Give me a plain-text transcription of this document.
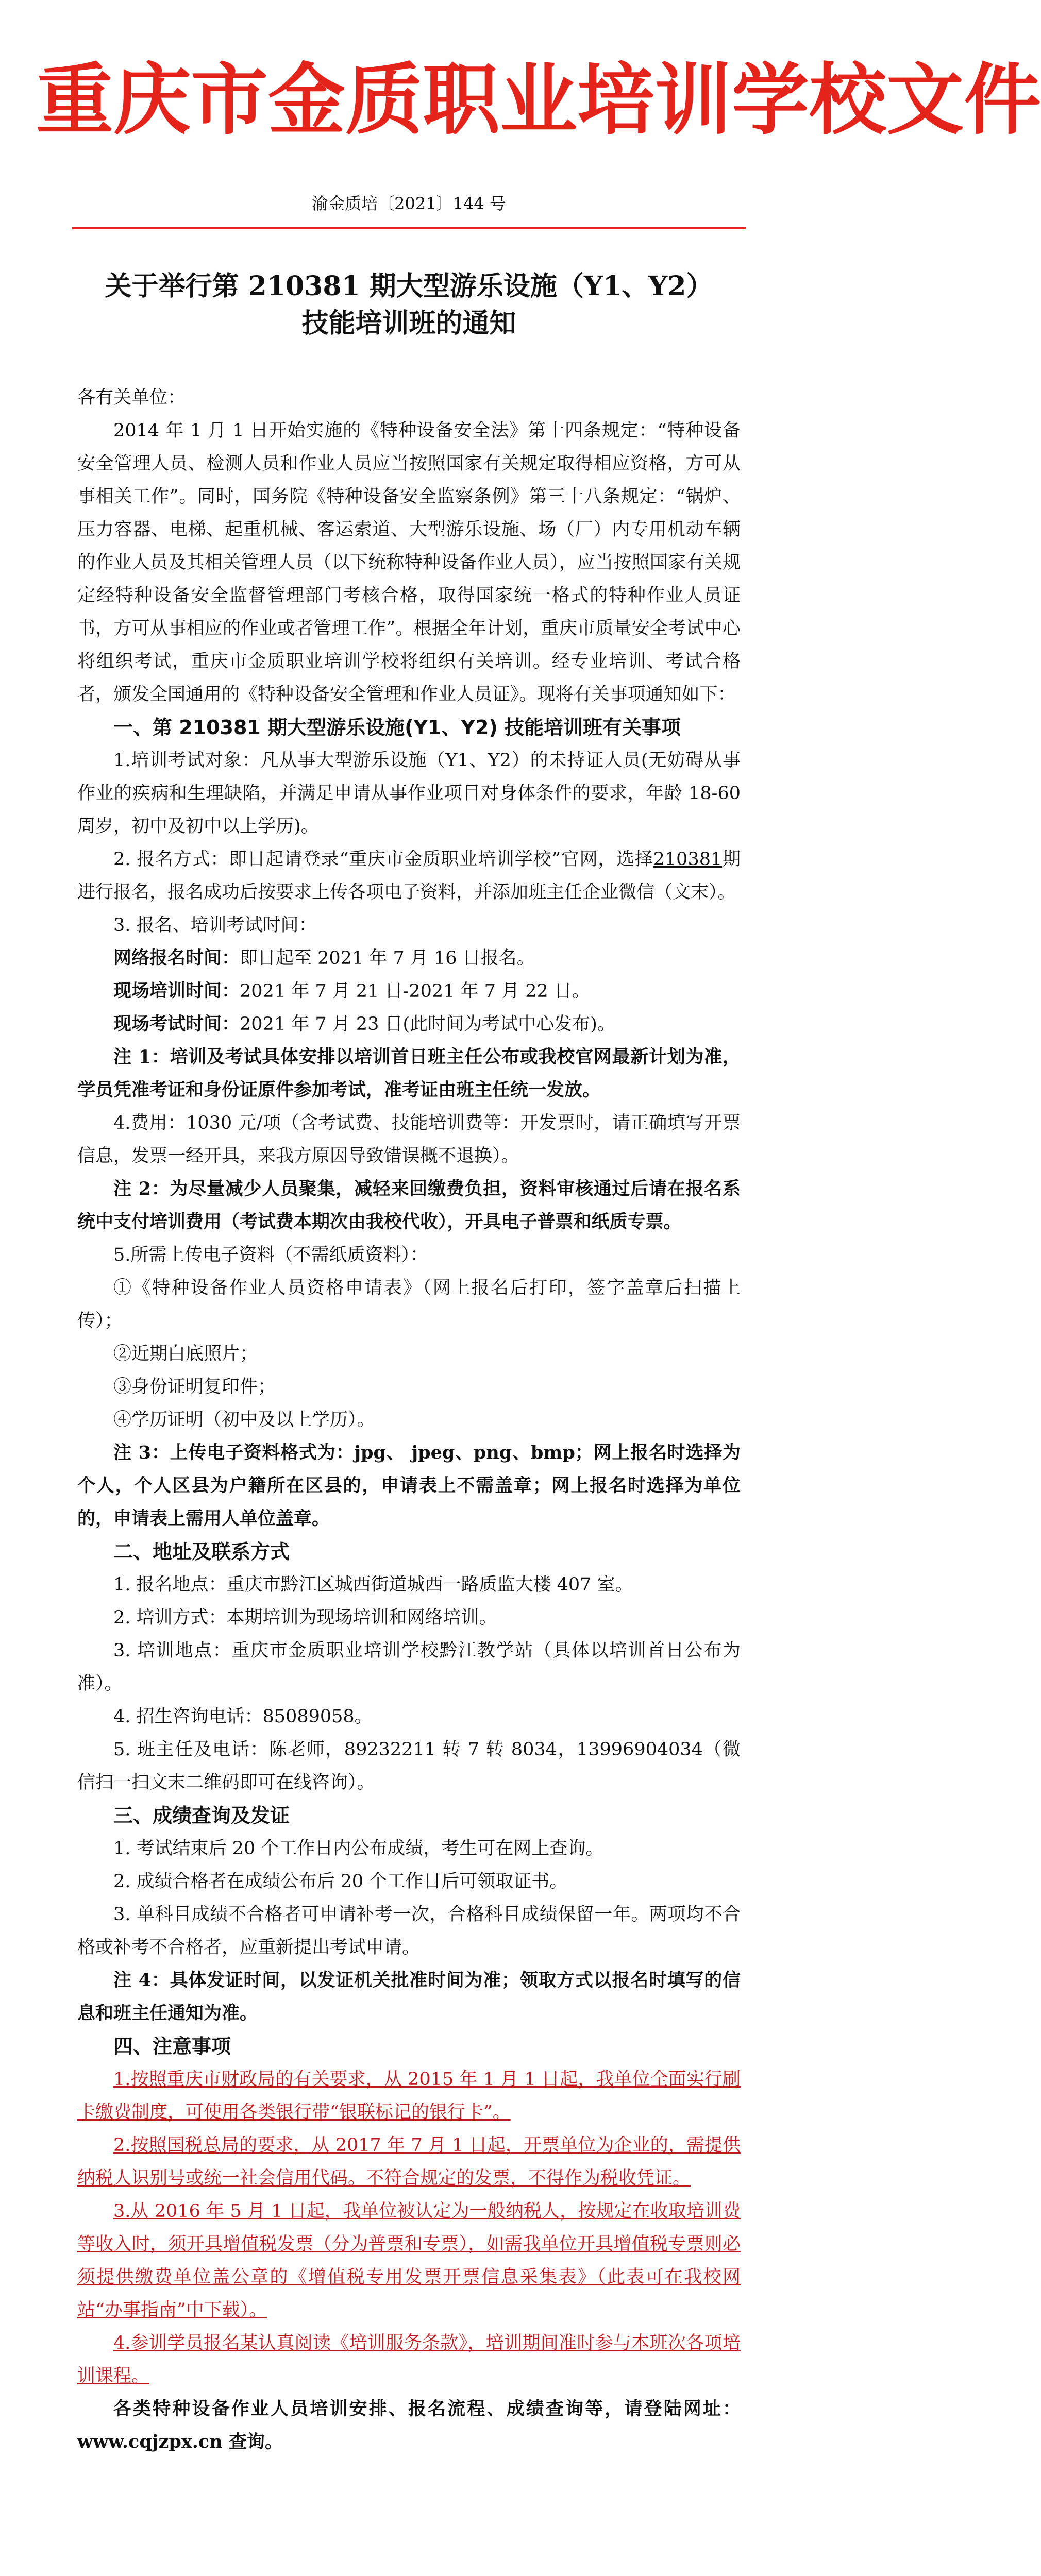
重庆市金质职业培训学校文件
渝金质培〔2021〕144 号
关于举行第 210381 期大型游乐设施（Y1、Y2）
技能培训班的通知

各有关单位：

2014 年 1 月 1 日开始实施的《特种设备安全法》第十四条规定：“特种设备安全管理人员、检测人员和作业人员应当按照国家有关规定取得相应资格，方可从事相关工作”。同时，国务院《特种设备安全监察条例》第三十八条规定：“锅炉、压力容器、电梯、起重机械、客运索道、大型游乐设施、场（厂）内专用机动车辆的作业人员及其相关管理人员（以下统称特种设备作业人员），应当按照国家有关规定经特种设备安全监督管理部门考核合格，取得国家统一格式的特种作业人员证书，方可从事相应的作业或者管理工作”。根据全年计划，重庆市质量安全考试中心将组织考试，重庆市金质职业培训学校将组织有关培训。经专业培训、考试合格者，颁发全国通用的《特种设备安全管理和作业人员证》。现将有关事项通知如下：

一、第 210381 期大型游乐设施(Y1、Y2) 技能培训班有关事项

1.培训考试对象：凡从事大型游乐设施（Y1、Y2）的未持证人员(无妨碍从事作业的疾病和生理缺陷，并满足申请从事作业项目对身体条件的要求，年龄 18-60 周岁，初中及初中以上学历)。

2. 报名方式：即日起请登录“重庆市金质职业培训学校”官网，选择210381期进行报名，报名成功后按要求上传各项电子资料，并添加班主任企业微信（文末）。

3. 报名、培训考试时间：

网络报名时间：即日起至 2021 年 7 月 16 日报名。

现场培训时间：2021 年 7 月 21 日-2021 年 7 月 22 日。

现场考试时间：2021 年 7 月 23 日(此时间为考试中心发布)。

注 1：培训及考试具体安排以培训首日班主任公布或我校官网最新计划为准，学员凭准考证和身份证原件参加考试，准考证由班主任统一发放。

4.费用：1030 元/项（含考试费、技能培训费等：开发票时，请正确填写开票信息，发票一经开具，来我方原因导致错误概不退换）。

注 2：为尽量减少人员聚集，减轻来回缴费负担，资料审核通过后请在报名系统中支付培训费用（考试费本期次由我校代收），开具电子普票和纸质专票。

5.所需上传电子资料（不需纸质资料）：

①《特种设备作业人员资格申请表》（网上报名后打印，签字盖章后扫描上传）；

②近期白底照片；

③身份证明复印件；

④学历证明（初中及以上学历）。

注 3：上传电子资料格式为：jpg、 jpeg、png、bmp；网上报名时选择为个人，个人区县为户籍所在区县的，申请表上不需盖章；网上报名时选择为单位的，申请表上需用人单位盖章。

二、地址及联系方式

1. 报名地点：重庆市黔江区城西街道城西一路质监大楼 407 室。

2. 培训方式：本期培训为现场培训和网络培训。

3. 培训地点：重庆市金质职业培训学校黔江教学站（具体以培训首日公布为准）。

4. 招生咨询电话：85089058。

5. 班主任及电话：陈老师，89232211 转 7 转 8034，13996904034（微信扫一扫文末二维码即可在线咨询）。

三、成绩查询及发证

1. 考试结束后 20 个工作日内公布成绩，考生可在网上查询。

2. 成绩合格者在成绩公布后 20 个工作日后可领取证书。

3. 单科目成绩不合格者可申请补考一次，合格科目成绩保留一年。两项均不合格或补考不合格者，应重新提出考试申请。

注 4：具体发证时间，以发证机关批准时间为准；领取方式以报名时填写的信息和班主任通知为准。

四、注意事项

1.按照重庆市财政局的有关要求，从 2015 年 1 月 1 日起，我单位全面实行刷卡缴费制度，可使用各类银行带“银联标记的银行卡”。

2.按照国税总局的要求，从 2017 年 7 月 1 日起，开票单位为企业的，需提供纳税人识别号或统一社会信用代码。不符合规定的发票，不得作为税收凭证。

3.从 2016 年 5 月 1 日起，我单位被认定为一般纳税人，按规定在收取培训费等收入时，须开具增值税发票（分为普票和专票），如需我单位开具增值税专票则必须提供缴费单位盖公章的《增值税专用发票开票信息采集表》（此表可在我校网站“办事指南”中下载）。

4.参训学员报名某认真阅读《培训服务条款》，培训期间准时参与本班次各项培训课程。

各类特种设备作业人员培训安排、报名流程、成绩查询等，请登陆网址：www.cqjzpx.cn 查询。
